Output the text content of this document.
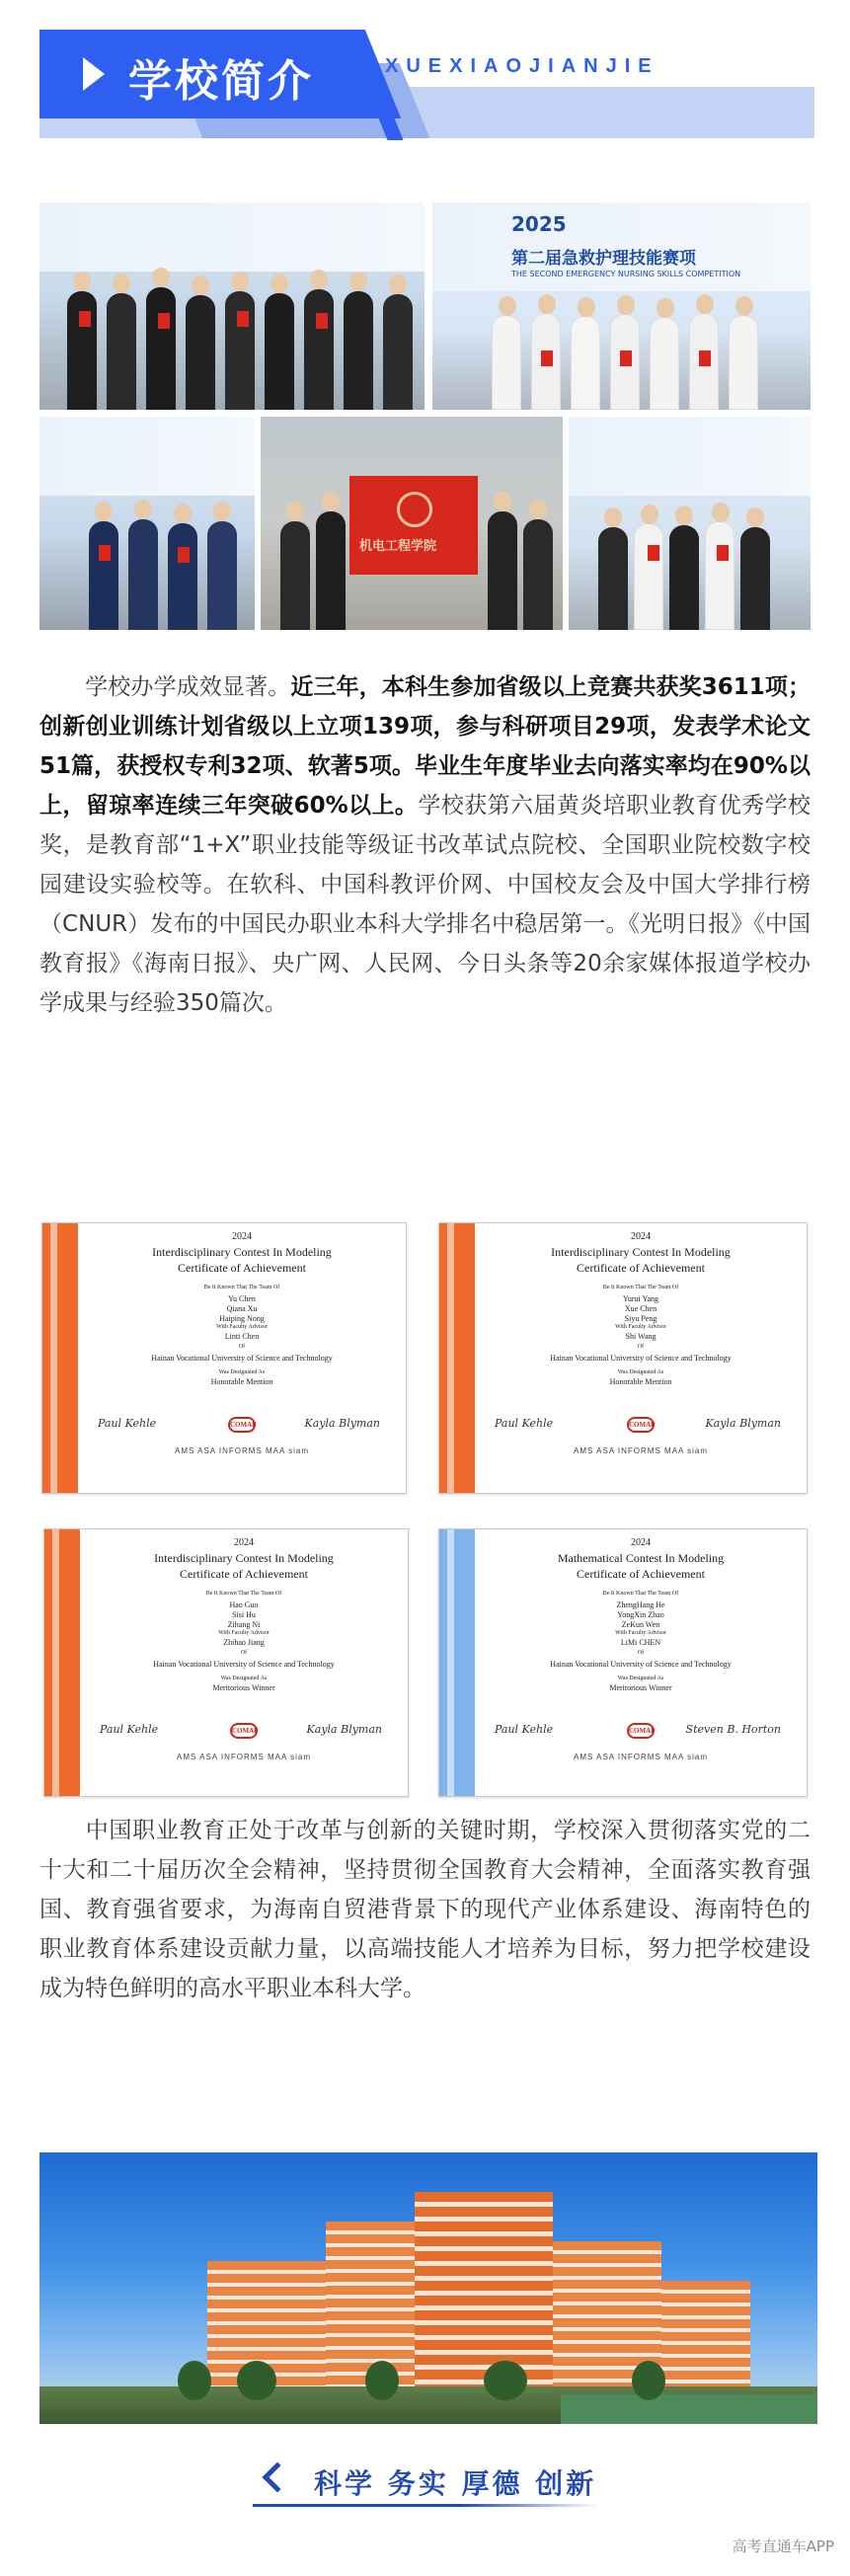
学校简介	XUEXIAOJIANJIE
2025
第二届急救护理技能赛项
THE SECOND EMERGENCY NURSING SKILLS COMPETITION
机电工程学院
学校办学成效显著。近三年，本科生参加省级以上竞赛共获奖3611项；创新创业训练计划省级以上立项139项，参与科研项目29项，发表学术论文51篇，获授权专利32项、软著5项。毕业生年度毕业去向落实率均在90%以上，留琼率连续三年突破60%以上。学校获第六届黄炎培职业教育优秀学校奖，是教育部“1+X”职业技能等级证书改革试点院校、全国职业院校数字校园建设实验校等。在软科、中国科教评价网、中国校友会及中国大学排行榜（CNUR）发布的中国民办职业本科大学排名中稳居第一。《光明日报》《中国教育报》《海南日报》、央广网、人民网、今日头条等20余家媒体报道学校办学成果与经验350篇次。
2024
Interdisciplinary Contest In Modeling
Certificate of Achievement
Be It Known That The Team Of
Yu Chen
Qiana Xu
Haiping Nong
With Faculty Advisor
Linti Chen
Of
Hainan Vocational University of Science and Technology
Was Designated As
Honorable Mention
Paul Kehle	COMAP	Kayla Blyman
AMS ASA INFORMS MAA siam
2024
Interdisciplinary Contest In Modeling
Certificate of Achievement
Be It Known That The Team Of
Yurui Yang
Xue Chen
Siyu Peng
With Faculty Advisor
Shi Wang
Of
Hainan Vocational University of Science and Technology
Was Designated As
Honorable Mention
Paul Kehle	COMAP	Kayla Blyman
AMS ASA INFORMS MAA siam
2024
Interdisciplinary Contest In Modeling
Certificate of Achievement
Be It Known That The Team Of
Hao Guo
Sisi Hu
Zihang Ni
With Faculty Advisor
Zhihao Jiang
Of
Hainan Vocational University of Science and Technology
Was Designated As
Meritorious Winner
Paul Kehle	COMAP	Kayla Blyman
AMS ASA INFORMS MAA siam
2024
Mathematical Contest In Modeling
Certificate of Achievement
Be It Known That The Team Of
ZhengHang He
YongXin Zhao
ZeKun Wen
With Faculty Advisor
LiMi CHEN
Of
Hainan Vocational University of Science and Technology
Was Designated As
Meritorious Winner
Paul Kehle	COMAP	Steven B. Horton
AMS ASA INFORMS MAA siam
中国职业教育正处于改革与创新的关键时期，学校深入贯彻落实党的二十大和二十届历次全会精神，坚持贯彻全国教育大会精神，全面落实教育强国、教育强省要求，为海南自贸港背景下的现代产业体系建设、海南特色的职业教育体系建设贡献力量，以高端技能人才培养为目标，努力把学校建设成为特色鲜明的高水平职业本科大学。
科学 务实 厚德 创新
高考直通车APP
